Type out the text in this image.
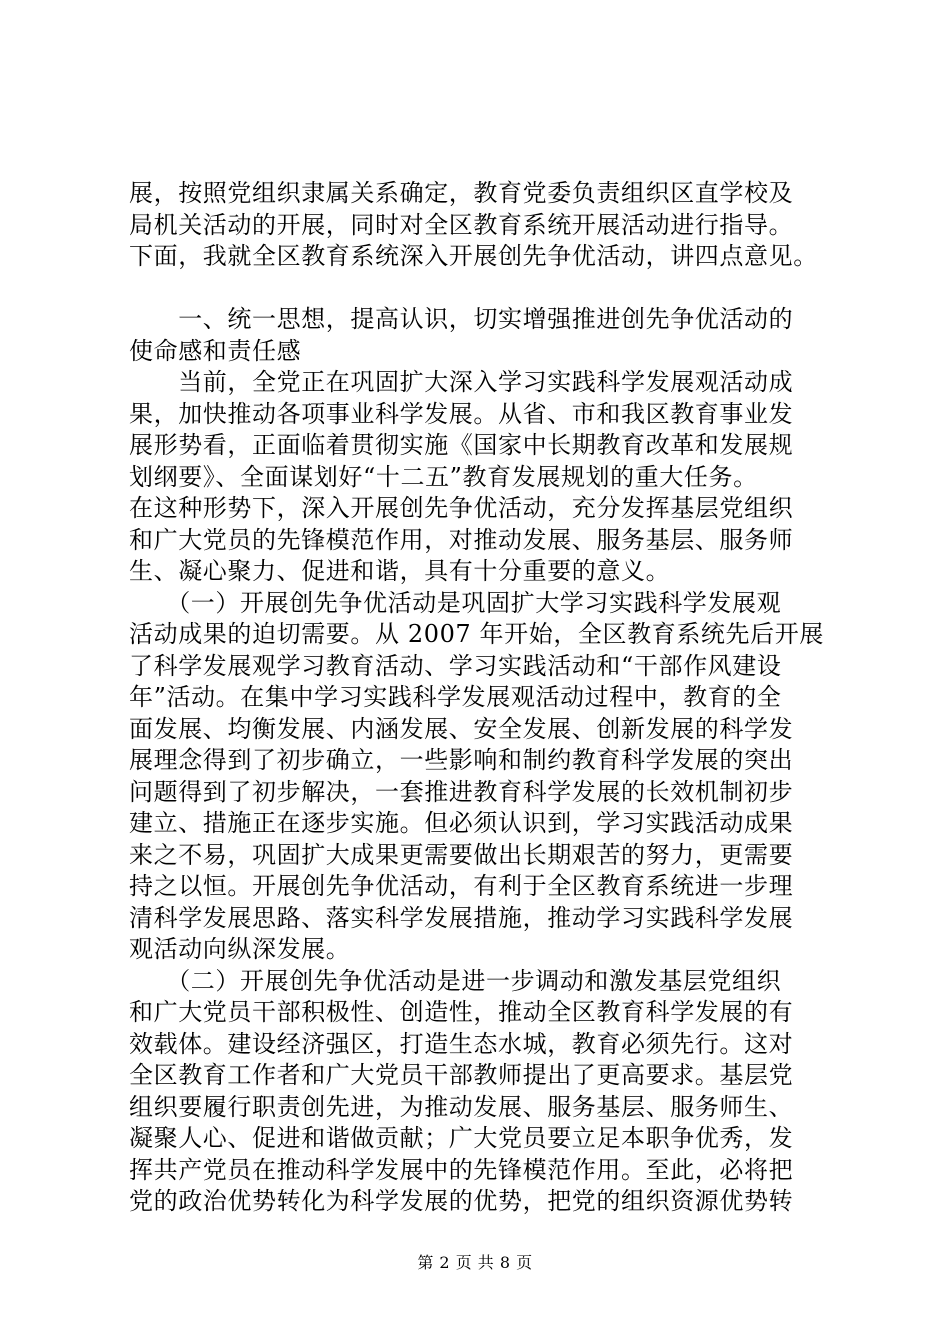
展，按照党组织隶属关系确定，教育党委负责组织区直学校及
局机关活动的开展，同时对全区教育系统开展活动进行指导。
下面，我就全区教育系统深入开展创先争优活动，讲四点意见。
　　一、统一思想，提高认识，切实增强推进创先争优活动的
使命感和责任感
　　当前，全党正在巩固扩大深入学习实践科学发展观活动成
果，加快推动各项事业科学发展。从省、市和我区教育事业发
展形势看，正面临着贯彻实施《国家中长期教育改革和发展规
划纲要》、全面谋划好“十二五”教育发展规划的重大任务。
在这种形势下，深入开展创先争优活动，充分发挥基层党组织
和广大党员的先锋模范作用，对推动发展、服务基层、服务师
生、凝心聚力、促进和谐，具有十分重要的意义。
　　（一）开展创先争优活动是巩固扩大学习实践科学发展观
活动成果的迫切需要。从 2007 年开始，全区教育系统先后开展
了科学发展观学习教育活动、学习实践活动和“干部作风建设
年”活动。在集中学习实践科学发展观活动过程中，教育的全
面发展、均衡发展、内涵发展、安全发展、创新发展的科学发
展理念得到了初步确立，一些影响和制约教育科学发展的突出
问题得到了初步解决，一套推进教育科学发展的长效机制初步
建立、措施正在逐步实施。但必须认识到，学习实践活动成果
来之不易，巩固扩大成果更需要做出长期艰苦的努力，更需要
持之以恒。开展创先争优活动，有利于全区教育系统进一步理
清科学发展思路、落实科学发展措施，推动学习实践科学发展
观活动向纵深发展。
　　（二）开展创先争优活动是进一步调动和激发基层党组织
和广大党员干部积极性、创造性，推动全区教育科学发展的有
效载体。建设经济强区，打造生态水城，教育必须先行。这对
全区教育工作者和广大党员干部教师提出了更高要求。基层党
组织要履行职责创先进，为推动发展、服务基层、服务师生、
凝聚人心、促进和谐做贡献；广大党员要立足本职争优秀，发
挥共产党员在推动科学发展中的先锋模范作用。至此，必将把
党的政治优势转化为科学发展的优势，把党的组织资源优势转
第 2 页 共 8 页
